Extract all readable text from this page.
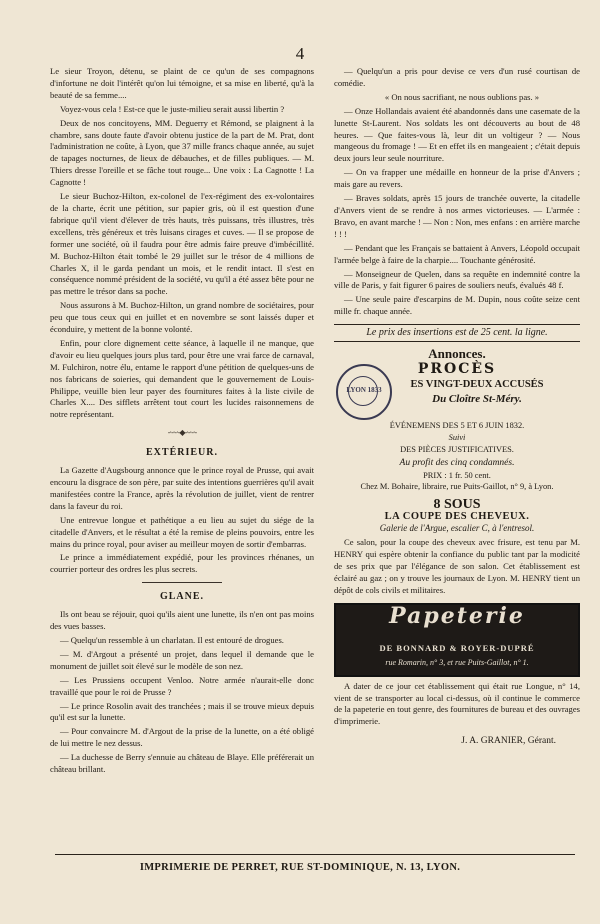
4

Le sieur Troyon, détenu, se plaint de ce qu'un de ses compagnons d'infortune ne doit l'intérêt qu'on lui témoigne, et sa mise en liberté, qu'à la beauté de sa femme....

Voyez-vous cela ! Est-ce que le juste-milieu serait aussi libertin ?

Deux de nos concitoyens, MM. Deguerry et Rémond, se plaignent à la chambre, sans doute faute d'avoir obtenu justice de la part de M. Prat, dont l'administration ne coûte, à Lyon, que 37 mille francs chaque année, au sujet de tapages nocturnes, de lieux de débauches, et de filles publiques. — M. Thiers dresse l'oreille et se fâche tout rouge... Une voix : La Cagnotte ! La Cagnotte !

Le sieur Buchoz-Hilton, ex-colonel de l'ex-régiment des ex-volontaires de la charte, écrit une pétition, sur papier gris, où il est question d'une fabrique qu'il vient d'élever de très hauts, très puissans, très illustres, très excellens, très généreux et très luisans cirages et cuves. — Il se propose de former une société, où il faudra pour être admis faire preuve d'imbécillité. M. Buchoz-Hilton était tombé le 29 juillet sur le trésor de 4 millions de Charles X, il le garda pendant un mois, et le rendit intact. Il s'est en conséquence nommé président de la société, vu qu'il a été assez bête pour ne pas mettre le trésor dans sa poche.

Nous assurons à M. Buchoz-Hilton, un grand nombre de sociétaires, pour peu que tous ceux qui en juillet et en novembre se sont laissés duper et éconduire, y mettent de la bonne volonté.

Enfin, pour clore dignement cette séance, à laquelle il ne manque, que d'avoir eu lieu quelques jours plus tard, pour être une vrai farce de carnaval, M. Fulchiron, notre élu, entame le rapport d'une pétition de quelques-uns de nos fabricans de soieries, qui demandent que le gouvernement de Louis-Philippe, veuille bien leur payer des fournitures faites à la liste civile de Charles X.... Des sifflets arrêtent tout court les lucides raisonnemens de notre représentant.

-·-·-·-◆-·-·-·-
EXTÉRIEUR.

La Gazette d'Augsbourg annonce que le prince royal de Prusse, qui avait encouru la disgrace de son père, par suite des intentions guerrières qu'il avait manifestées contre la France, après la révolution de juillet, vient de rentrer dans la faveur du roi.

Une entrevue longue et pathétique a eu lieu au sujet du siége de la citadelle d'Anvers, et le résultat a été la remise de pleins pouvoirs, entre les mains du prince royal, pour aviser au meilleur moyen de sortir d'embarras.

Le prince a immédiatement expédié, pour les provinces rhénanes, un courrier porteur des ordres les plus secrets.

GLANE.

Ils ont beau se réjouir, quoi qu'ils aient une lunette, ils n'en ont pas moins des vues basses.

— Quelqu'un ressemble à un charlatan. Il est entouré de drogues.

— M. d'Argout a présenté un projet, dans lequel il demande que le monument de juillet soit élevé sur le modèle de son nez.

— Les Prussiens occupent Venloo. Notre armée n'aurait-elle donc travaillé que pour le roi de Prusse ?

— Le prince Rosolin avait des tranchées ; mais il se trouve mieux depuis qu'il est sur la lunette.

— Pour convaincre M. d'Argout de la prise de la lunette, on a été obligé de lui mettre le nez dessus.

— La duchesse de Berry s'ennuie au château de Blaye. Elle préférerait un château brillant.

— Quelqu'un a pris pour devise ce vers d'un rusé courtisan de comédie.

« On nous sacrifiant, ne nous oublions pas. »

— Onze Hollandais avaient été abandonnés dans une casemate de la lunette St-Laurent. Nos soldats les ont découverts au bout de 48 heures. — Que faites-vous là, leur dit un voltigeur ? — Nous mangeous du fromage ! — Et en effet ils en mangeaient ; c'était depuis deux jours leur seule nourriture.

— On va frapper une médaille en honneur de la prise d'Anvers ; mais gare au revers.

— Braves soldats, après 15 jours de tranchée ouverte, la citadelle d'Anvers vient de se rendre à nos armes victorieuses. — L'armée : Bravo, en avant marche ! — Non : Non, mes enfans : en arrière marche ! ! !

— Pendant que les Français se battaient à Anvers, Léopold occupait l'armée belge à faire de la charpie.... Touchante générosité.

— Monseigneur de Quelen, dans sa requête en indemnité contre la ville de Paris, y fait figurer 6 paires de souliers neufs, évalués 48 f.

— Une seule paire d'escarpins de M. Dupin, nous coûte seize cent mille fr. chaque année.

Le prix des insertions est de 25 cent. la ligne.
Annonces.
LYON 1833
PROCÈS
ES VINGT-DEUX ACCUSÉS
Du Cloître St-Méry.
ÉVÉNEMENS DES 5 ET 6 JUIN 1832.
Suivi
DES PIÈCES JUSTIFICATIVES.
Au profit des cinq condamnés.
PRIX : 1 fr. 50 cent.
Chez M. Bohaire, libraire, rue Puits-Gaillot, n° 9, à Lyon.
8 SOUS
LA COUPE DES CHEVEUX.
Galerie de l'Argue, escalier C, à l'entresol.

Ce salon, pour la coupe des cheveux avec frisure, est tenu par M. HENRY qui espère obtenir la confiance du public tant par la modicité de ses prix que par l'élégance de son salon. Cet établissement est éclairé au gaz ; on y trouve les journaux de Lyon. M. HENRY tient un dépôt de cols civils et militaires.

Papeterie
DE BONNARD & ROYER-DUPRÉ
rue Romarin, n° 3, et rue Puits-Gaillot, n° 1.

A dater de ce jour cet établissement qui était rue Longue, n° 14, vient de se transporter au local ci-dessus, où il continue le commerce de la papeterie en tout genre, des fournitures de bureau et des ouvrages d'imprimerie.

J. A. GRANIER, Gérant.
IMPRIMERIE DE PERRET, RUE ST-DOMINIQUE, N. 13, LYON.
